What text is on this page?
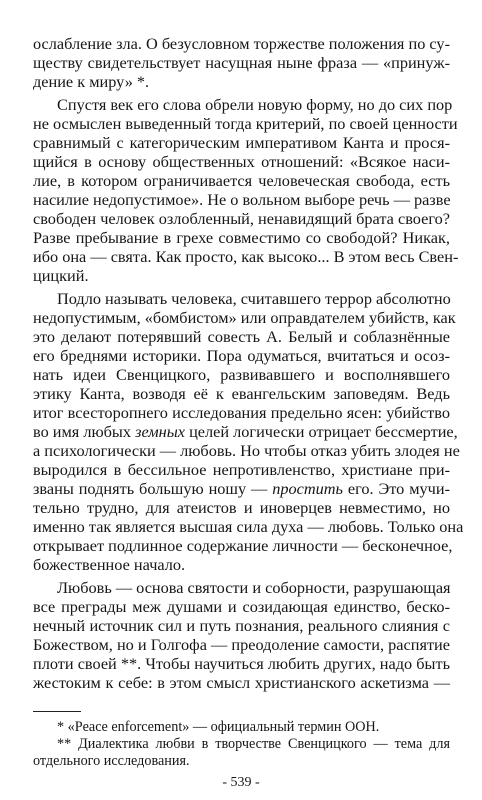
ослабление зла. О безусловном торжестве положения по су-
ществу свидетельствует насущная ныне фраза — «принуж-
дение к миру» *.
Спустя век его слова обрели новую форму, но до сих пор
не осмыслен выведенный тогда критерий, по своей ценности
сравнимый с категорическим императивом Канта и прося-
щийся в основу общественных отношений: «Всякое наси-
лие, в котором ограничивается человеческая свобода, есть
насилие недопустимое». Не о вольном выборе речь — разве
свободен человек озлобленный, ненавидящий брата своего?
Разве пребывание в грехе совместимо со свободой? Никак,
ибо она — свята. Как просто, как высоко... В этом весь Свен-
цицкий.
Подло называть человека, считавшего террор абсолютно
недопустимым, «бомбистом» или оправдателем убийств, как
это делают потерявший совесть А. Белый и соблазнённые
его бреднями историки. Пора одуматься, вчитаться и осоз-
нать идеи Свенцицкого, развивавшего и восполнявшего
этику Канта, возводя её к евангельским заповедям. Ведь
итог всесторопнего исследования предельно ясен: убийство
во имя любых земных целей логически отрицает бессмертие,
а психологически — любовь. Но чтобы отказ убить злодея не
выродился в бессильное непротивленство, христиане при-
званы поднять большую ношу — простить его. Это мучи-
тельно трудно, для атеистов и иноверцев невместимо, но
именно так является высшая сила духа — любовь. Только она
открывает подлинное содержание личности — бесконечное,
божественное начало.
Любовь — основа святости и соборности, разрушающая
все преграды меж душами и созидающая единство, беско-
нечный источник сил и путь познания, реального слияния с
Божеством, но и Голгофа — преодоление самости, распятие
плоти своей **. Чтобы научиться любить других, надо быть
жестоким к себе: в этом смысл христианского аскетизма —
* «Peace enforcement» — официальный термин ООН.
** Диалектика любви в творчестве Свенцицкого — тема для
отдельного исследования.
- 539 -
